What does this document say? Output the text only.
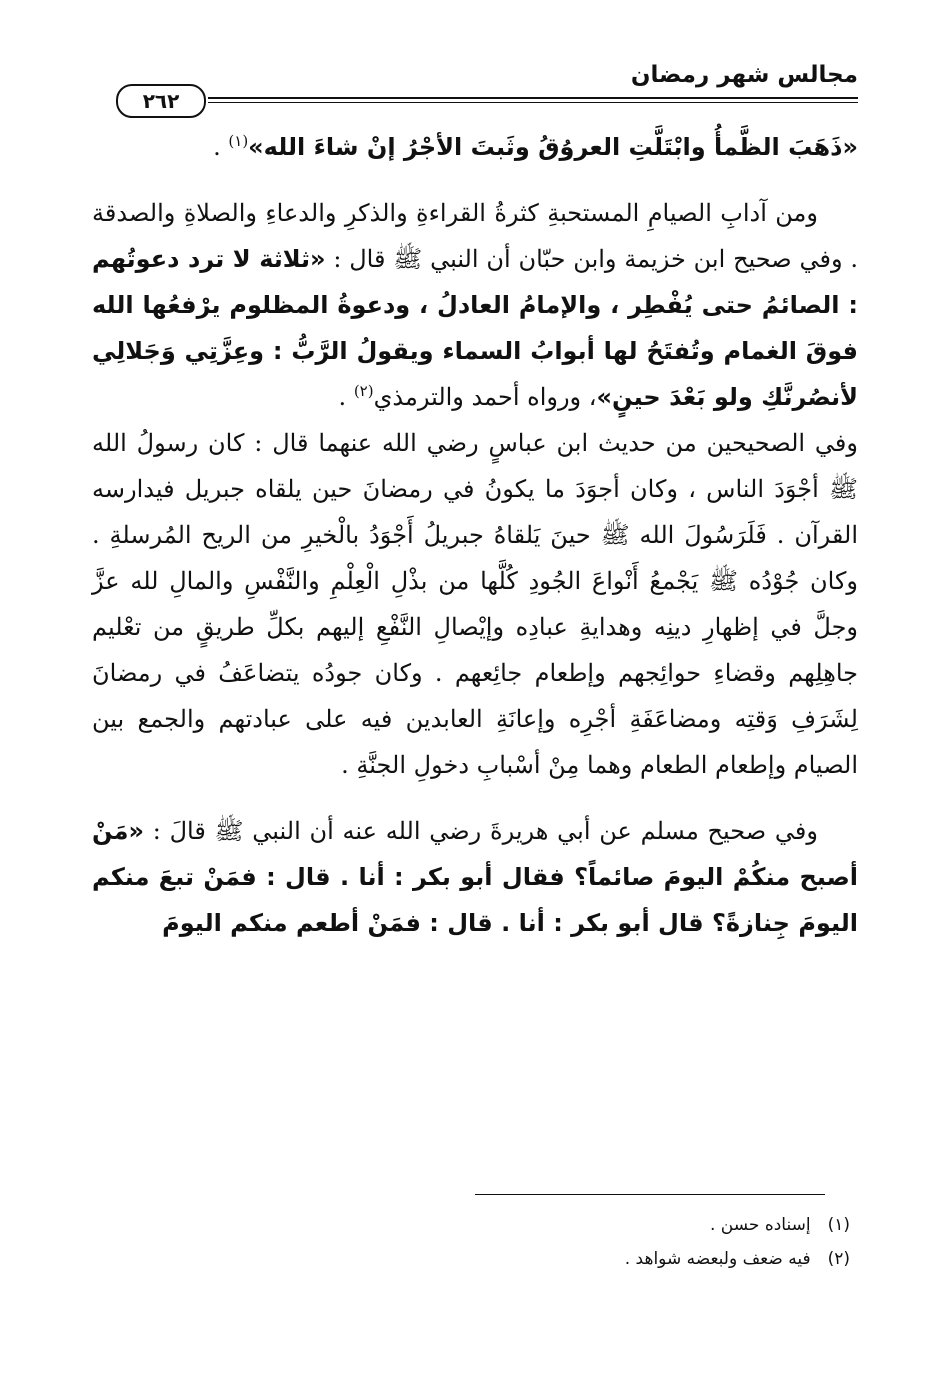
مجالس شهر رمضان
٢٦٢

«ذَهَبَ الظَّمأُ وابْتَلَّتِ العروُقُ وثَبتَ الأجْرُ إنْ شاءَ الله»$^{(١)}$ .

ومن آدابِ الصيامِ المستحبةِ كثرةُ القراءةِ والذكرِ والدعاءِ والصلاةِ والصدقة . وفي صحيح ابن خزيمة وابن حبّان أن النبي ﷺ قال : «ثلاثة لا ترد دعوتُهم : الصائمُ حتى يُفْطِر ، والإمامُ العادلُ ، ودعوةُ المظلوم يرْفعُها الله فوقَ الغمام وتُفتَحُ لها أبوابُ السماء ويقولُ الرَّبُّ : وعِزَّتِي وَجَلالِي لأنصُرنَّكِ ولو بَعْدَ حينٍ»، ورواه أحمد والترمذي$^{(٢)}$ .

وفي الصحيحين من حديث ابن عباسٍ رضي الله عنهما قال : كان رسولُ الله ﷺ أجْوَدَ الناس ، وكان أجوَدَ ما يكونُ في رمضانَ حين يلقاه جبريل فيدارسه القرآن . فَلَرَسُولَ الله ﷺ حينَ يَلقاهُ جبريلُ أَجْوَدُ بالْخيرِ من الريح المُرسلةِ . وكان جُوْدُه ﷺ يَجْمعُ أَنْواعَ الجُودِ كُلَّها من بذْلِ الْعِلْمِ والنَّفْسِ والمالِ لله عزَّ وجلَّ في إظهارِ دينِه وهدايةِ عبادِه وإيْصالِ النَّفْعِ إليهم بكلِّ طريقٍ من تعْليم جاهِلِهم وقضاءِ حوائِجهم وإطعام جائِعهم . وكان جودُه يتضاعَفُ في رمضانَ لِشَرَفِ وَقتِه ومضاعَفَةِ أجْرِه وإعانَةِ العابدين فيه على عبادتهم والجمع بين الصيام وإطعام الطعام وهما مِنْ أسْبابِ دخولِ الجنَّةِ .

وفي صحيح مسلم عن أبي هريرةَ رضي الله عنه أن النبي ﷺ قالَ : «مَنْ أصبح منكُمْ اليومَ صائماً؟ فقال أبو بكر : أنا . قال : فمَنْ تبعَ منكم اليومَ جِنازةً؟ قال أبو بكر : أنا . قال : فمَنْ أطعم منكم اليومَ

(١) إسناده حسن .
(٢) فيه ضعف ولبعضه شواهد .
